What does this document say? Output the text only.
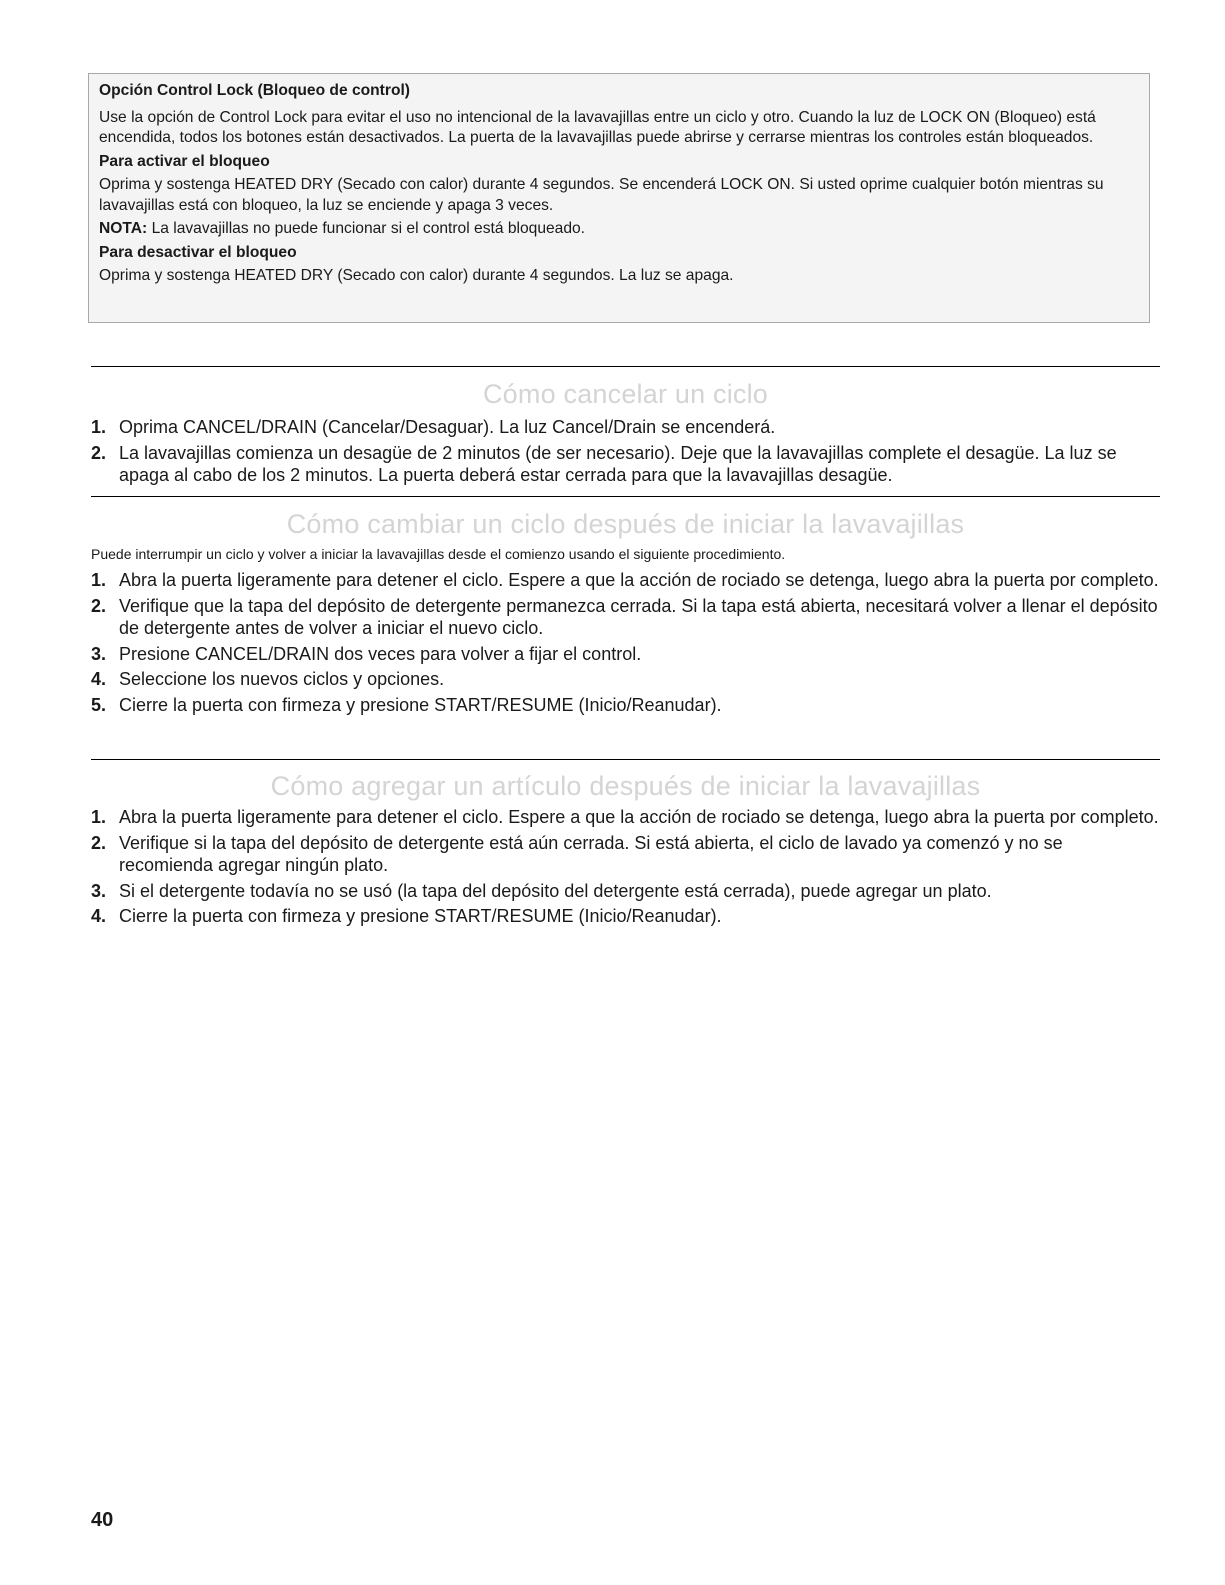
Opción Control Lock (Bloqueo de control)
Use la opción de Control Lock para evitar el uso no intencional de la lavavajillas entre un ciclo y otro. Cuando la luz de LOCK ON (Bloqueo) está encendida, todos los botones están desactivados. La puerta de la lavavajillas puede abrirse y cerrarse mientras los controles están bloqueados.
Para activar el bloqueo
Oprima y sostenga HEATED DRY (Secado con calor) durante 4 segundos. Se encenderá LOCK ON. Si usted oprime cualquier botón mientras su lavavajillas está con bloqueo, la luz se enciende y apaga 3 veces.
NOTA: La lavavajillas no puede funcionar si el control está bloqueado.
Para desactivar el bloqueo
Oprima y sostenga HEATED DRY (Secado con calor) durante 4 segundos. La luz se apaga.
Cómo cancelar un ciclo
1. Oprima CANCEL/DRAIN (Cancelar/Desaguar). La luz Cancel/Drain se encenderá.
2. La lavavajillas comienza un desagüe de 2 minutos (de ser necesario). Deje que la lavavajillas complete el desagüe. La luz se apaga al cabo de los 2 minutos. La puerta deberá estar cerrada para que la lavavajillas desagüe.
Cómo cambiar un ciclo después de iniciar la lavavajillas
Puede interrumpir un ciclo y volver a iniciar la lavavajillas desde el comienzo usando el siguiente procedimiento.
1. Abra la puerta ligeramente para detener el ciclo. Espere a que la acción de rociado se detenga, luego abra la puerta por completo.
2. Verifique que la tapa del depósito de detergente permanezca cerrada. Si la tapa está abierta, necesitará volver a llenar el depósito de detergente antes de volver a iniciar el nuevo ciclo.
3. Presione CANCEL/DRAIN dos veces para volver a fijar el control.
4. Seleccione los nuevos ciclos y opciones.
5. Cierre la puerta con firmeza y presione START/RESUME (Inicio/Reanudar).
Cómo agregar un artículo después de iniciar la lavavajillas
1. Abra la puerta ligeramente para detener el ciclo. Espere a que la acción de rociado se detenga, luego abra la puerta por completo.
2. Verifique si la tapa del depósito de detergente está aún cerrada. Si está abierta, el ciclo de lavado ya comenzó y no se recomienda agregar ningún plato.
3. Si el detergente todavía no se usó (la tapa del depósito del detergente está cerrada), puede agregar un plato.
4. Cierre la puerta con firmeza y presione START/RESUME (Inicio/Reanudar).
40
